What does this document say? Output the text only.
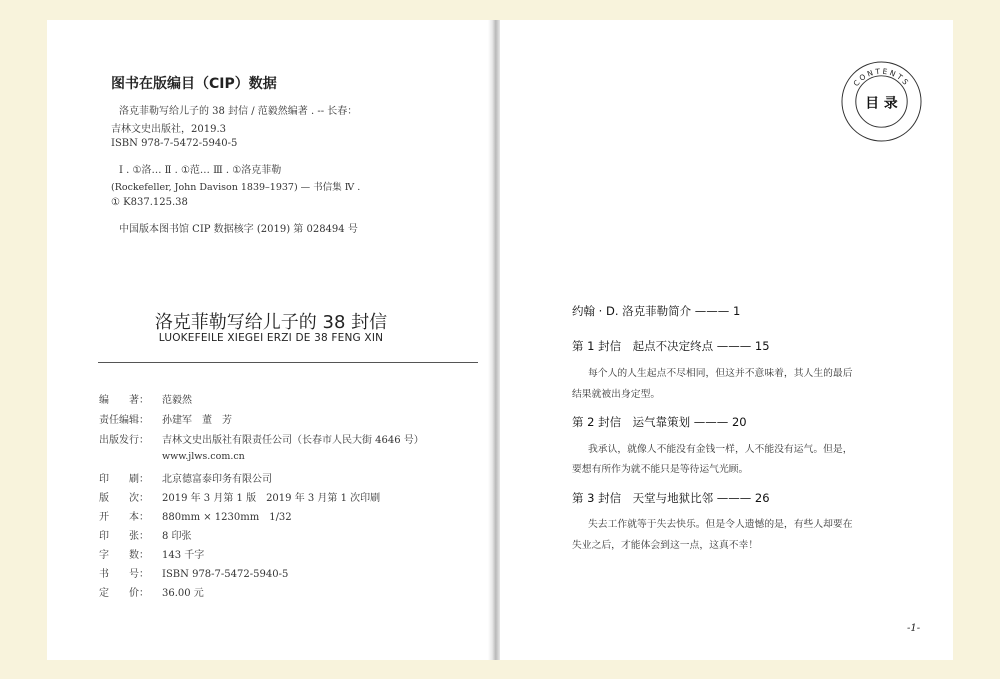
图书在版编目（CIP）数据
洛克菲勒写给儿子的 38 封信 / 范毅然编著 . -- 长春：
吉林文史出版社，2019.3
ISBN 978-7-5472-5940-5
Ⅰ . ①洛… Ⅱ . ①范… Ⅲ . ①洛克菲勒
(Rockefeller, John Davison 1839–1937) — 书信集 Ⅳ .
① K837.125.38
中国版本图书馆 CIP 数据核字 (2019) 第 028494 号
洛克菲勒写给儿子的 38 封信
LUOKEFEILE XIEGEI ERZI DE 38 FENG XIN
编　　著： 范毅然
责任编辑： 孙建军　董　芳
出版发行： 吉林文史出版社有限责任公司（长春市人民大街 4646 号）
www.jlws.com.cn
印　　刷： 北京德富泰印务有限公司
版　　次： 2019 年 3 月第 1 版　2019 年 3 月第 1 次印刷
开　　本： 880mm × 1230mm　1/32
印　　张： 8 印张
字　　数： 143 千字
书　　号： ISBN 978-7-5472-5940-5
定　　价： 36.00 元
CONTENTS
目 录
约翰 · D. 洛克菲勒简介 ——— 1
第 1 封信　起点不决定终点 ——— 15
每个人的人生起点不尽相同，但这并不意味着，其人生的最后
结果就被出身定型。
第 2 封信　运气靠策划 ——— 20
我承认，就像人不能没有金钱一样，人不能没有运气。但是，
要想有所作为就不能只是等待运气光顾。
第 3 封信　天堂与地狱比邻 ——— 26
失去工作就等于失去快乐。但是令人遗憾的是，有些人却要在
失业之后，才能体会到这一点，这真不幸！
-1-
